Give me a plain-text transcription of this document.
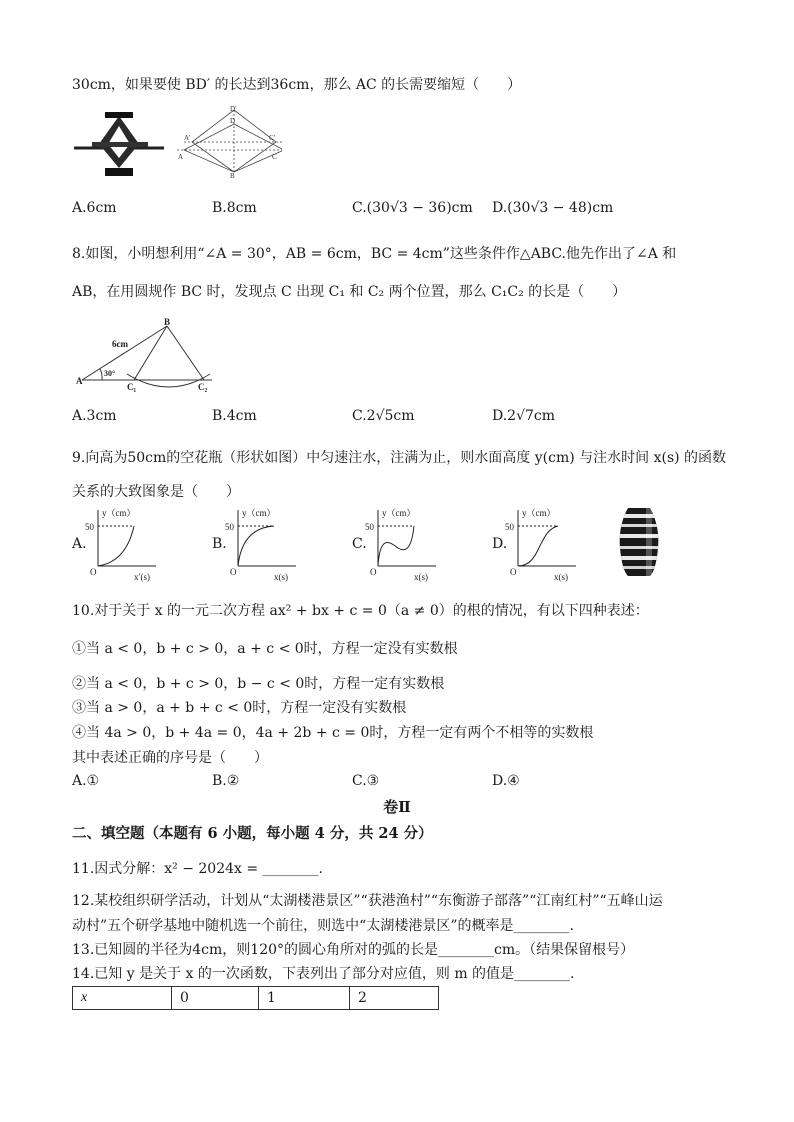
30cm，如果要使 BD′ 的长达到36cm，那么 AC 的长需要缩短（　　）
D′
D
A′	C′
A	C
B
A.6cm	B.8cm	C.(30√3 − 36)cm D.(30√3 − 48)cm
8.如图，小明想利用“∠A = 30°，AB = 6cm，BC = 4cm”这些条件作△ABC.他先作出了∠A 和
AB，在用圆规作 BC 时，发现点 C 出现 C₁ 和 C₂ 两个位置，那么 C₁C₂ 的长是（　　）
B
6cm
A
30°
C₁	C₂
A.3cm	B.4cm	C.2√5cm	D.2√7cm
9.向高为50cm的空花瓶（形状如图）中匀速注水，注满为止，则水面高度 y(cm) 与注水时间 x(s) 的函数
关系的大致图象是（　　）
A.
y（cm）
50
O	x′(s)
B.
y（cm）
50
O	x(s)
C.
y（cm）
50
O	x(s)
D.
y（cm）
50
O	x(s)
10.对于关于 x 的一元二次方程 ax² + bx + c = 0（a ≠ 0）的根的情况，有以下四种表述：
①当 a < 0，b + c > 0，a + c < 0时，方程一定没有实数根
②当 a < 0，b + c > 0，b − c < 0时，方程一定有实数根
③当 a > 0，a + b + c < 0时，方程一定没有实数根
④当 4a > 0，b + 4a = 0，4a + 2b + c = 0时，方程一定有两个不相等的实数根
其中表述正确的序号是（　　）
A.①	B.②	C.③	D.④
卷Ⅱ
二、填空题（本题有 6 小题，每小题 4 分，共 24 分）
11.因式分解：x² − 2024x = ________.
12.某校组织研学活动，计划从“太湖楼港景区”“获港渔村”“东衡游子部落”“江南红村”“五峰山运
动村”五个研学基地中随机选一个前往，则选中“太湖楼港景区”的概率是________.
13.已知圆的半径为4cm，则120°的圆心角所对的弧的长是________cm。（结果保留根号）
14.已知 y 是关于 x 的一次函数，下表列出了部分对应值，则 m 的值是________.
x	0	1	2
